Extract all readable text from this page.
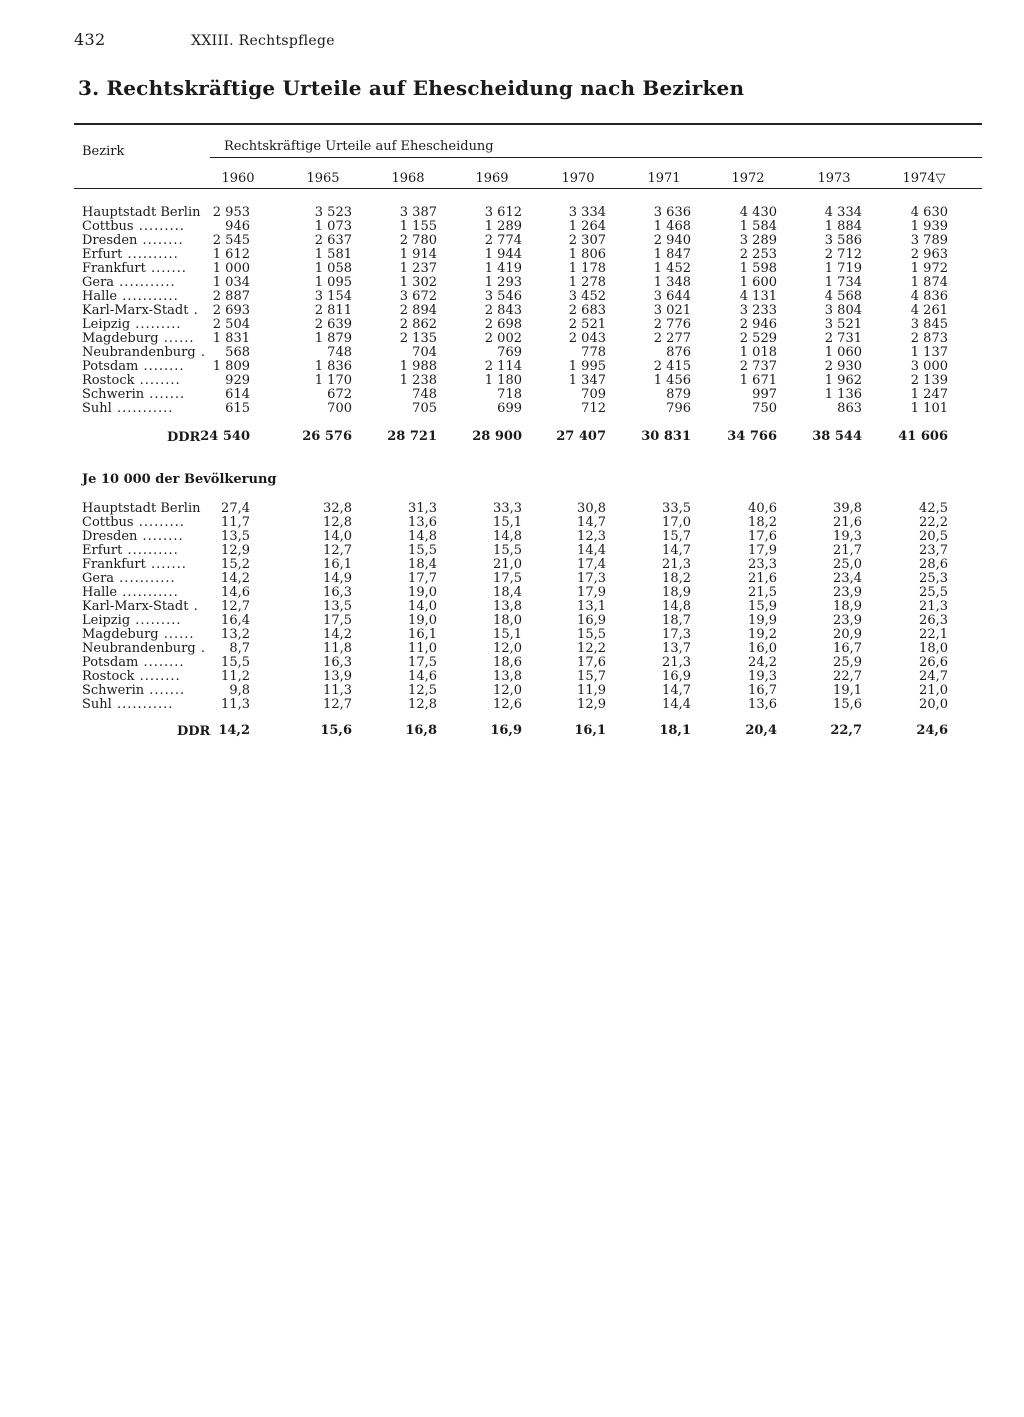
432	XXIII. Rechtspflege
3. Rechtskräftige Urteile auf Ehescheidung nach Bezirken
Bezirk	Rechtskräftige Urteile auf Ehescheidung
1960	1965	1968	1969	1970	1971	1972	1973	1974▽
Hauptstadt Berlin 2 953	3 523	3 387	3 612	3 334	3 636	4 430	4 334	4 630
Cottbus .........	946	1 073	1 155	1 289	1 264	1 468	1 584	1 884	1 939
Dresden ........	2 545	2 637	2 780	2 774	2 307	2 940	3 289	3 586	3 789
Erfurt ..........	1 612	1 581	1 914	1 944	1 806	1 847	2 253	2 712	2 963
Frankfurt .......	1 000	1 058	1 237	1 419	1 178	1 452	1 598	1 719	1 972
Gera ...........	1 034	1 095	1 302	1 293	1 278	1 348	1 600	1 734	1 874
Halle ...........	2 887	3 154	3 672	3 546	3 452	3 644	4 131	4 568	4 836
Karl-Marx-Stadt .	2 693	2 811	2 894	2 843	2 683	3 021	3 233	3 804	4 261
Leipzig .........	2 504	2 639	2 862	2 698	2 521	2 776	2 946	3 521	3 845
Magdeburg ......	1 831	1 879	2 135	2 002	2 043	2 277	2 529	2 731	2 873
Neubrandenburg .	568	748	704	769	778	876	1 018	1 060	1 137
Potsdam ........	1 809	1 836	1 988	2 114	1 995	2 415	2 737	2 930	3 000
Rostock ........	929	1 170	1 238	1 180	1 347	1 456	1 671	1 962	2 139
Schwerin .......	614	672	748	718	709	879	997	1 136	1 247
Suhl ...........	615	700	705	699	712	796	750	863	1 101
DDR 24 540	26 576	28 721	28 900	27 407	30 831	34 766	38 544	41 606
Je 10 000 der Bevölkerung
Hauptstadt Berlin	27,4	32,8	31,3	33,3	30,8	33,5	40,6	39,8	42,5
Cottbus .........	11,7	12,8	13,6	15,1	14,7	17,0	18,2	21,6	22,2
Dresden ........	13,5	14,0	14,8	14,8	12,3	15,7	17,6	19,3	20,5
Erfurt ..........	12,9	12,7	15,5	15,5	14,4	14,7	17,9	21,7	23,7
Frankfurt .......	15,2	16,1	18,4	21,0	17,4	21,3	23,3	25,0	28,6
Gera ...........	14,2	14,9	17,7	17,5	17,3	18,2	21,6	23,4	25,3
Halle ...........	14,6	16,3	19,0	18,4	17,9	18,9	21,5	23,9	25,5
Karl-Marx-Stadt .	12,7	13,5	14,0	13,8	13,1	14,8	15,9	18,9	21,3
Leipzig .........	16,4	17,5	19,0	18,0	16,9	18,7	19,9	23,9	26,3
Magdeburg ......	13,2	14,2	16,1	15,1	15,5	17,3	19,2	20,9	22,1
Neubrandenburg .	8,7	11,8	11,0	12,0	12,2	13,7	16,0	16,7	18,0
Potsdam ........	15,5	16,3	17,5	18,6	17,6	21,3	24,2	25,9	26,6
Rostock ........	11,2	13,9	14,6	13,8	15,7	16,9	19,3	22,7	24,7
Schwerin .......	9,8	11,3	12,5	12,0	11,9	14,7	16,7	19,1	21,0
Suhl ...........	11,3	12,7	12,8	12,6	12,9	14,4	13,6	15,6	20,0
DDR 14,2	15,6	16,8	16,9	16,1	18,1	20,4	22,7	24,6
